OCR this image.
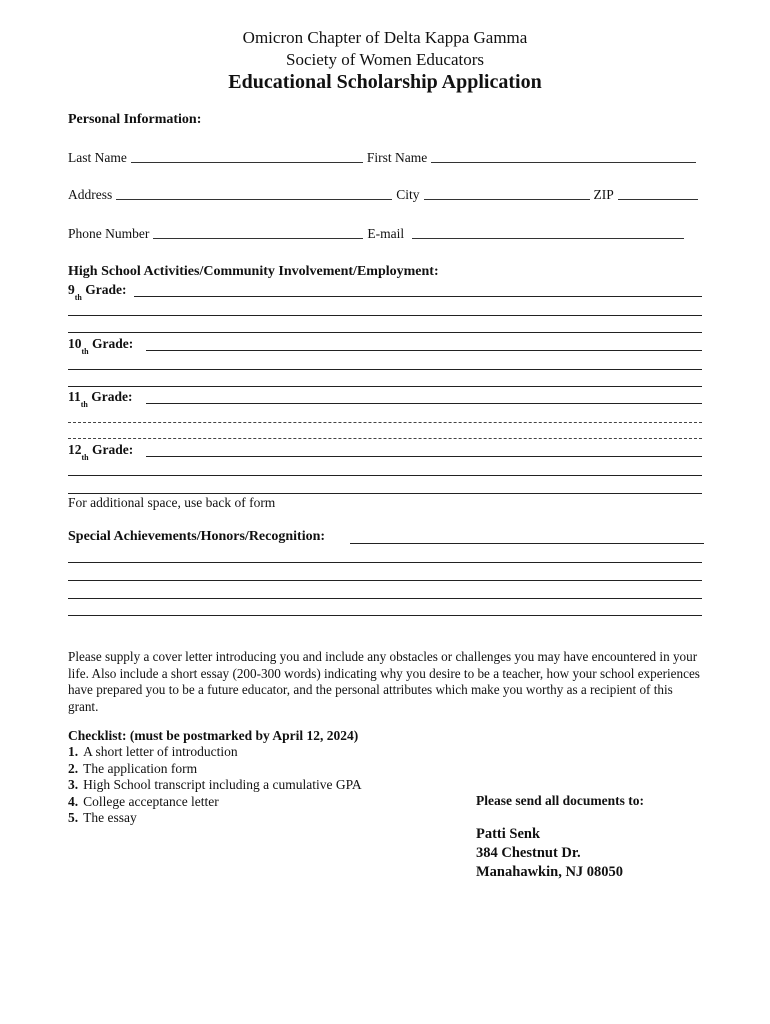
Omicron Chapter of Delta Kappa Gamma
Society of Women Educators
Educational Scholarship Application
Personal Information:
Last Name	First Name
Address	City	ZIP
Phone Number	E-mail
High School Activities/Community Involvement/Employment:
9
th

Grade:
10
th

Grade:
11
th

Grade:
12
th

Grade:
For additional space, use back of form
Special Achievements/Honors/Recognition:
Please supply a cover letter introducing you and include any obstacles or challenges you may have encountered in your life. Also include a short essay (200-300 words) indicating why you desire to be a teacher, how your school experiences have prepared you to be a future educator, and the personal attributes which make you worthy as a recipient of this grant.
Checklist: (must be postmarked by April 12, 2024)
1. A short letter of introduction
2. The application form
3. High School transcript including a cumulative GPA
4. College acceptance letter
5. The essay
Please send all documents to:
Patti Senk
384 Chestnut Dr.
Manahawkin, NJ 08050
